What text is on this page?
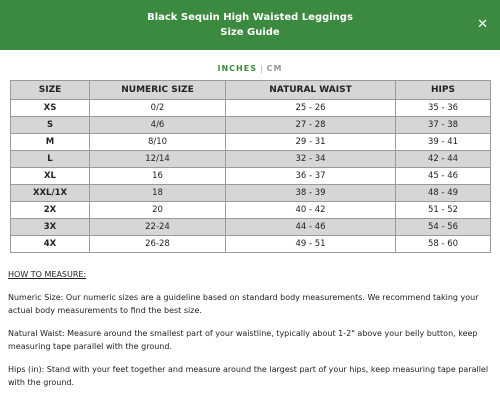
Black Sequin High Waisted Leggings
Size Guide
✕
INCHES | CM
SIZE	NUMERIC SIZE	NATURAL WAIST	HIPS
XS	0/2	25 - 26	35 - 36
S	4/6	27 - 28	37 - 38
M	8/10	29 - 31	39 - 41
L	12/14	32 - 34	42 - 44
XL	16	36 - 37	45 - 46
XXL/1X	18	38 - 39	48 - 49
2X	20	40 - 42	51 - 52
3X	22-24	44 - 46	54 - 56
4X	26-28	49 - 51	58 - 60

HOW TO MEASURE:

Numeric Size: Our numeric sizes are a guideline based on standard body measurements. We recommend taking your actual body measurements to find the best size.

Natural Waist: Measure around the smallest part of your waistline, typically about 1-2" above your belly button, keep measuring tape parallel with the ground.

Hips (in): Stand with your feet together and measure around the largest part of your hips, keep measuring tape parallel with the ground.
